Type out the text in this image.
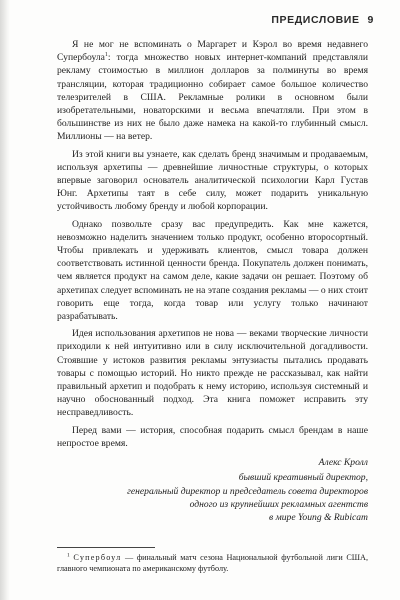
ПРЕДИСЛОВИЕ 9

Я не мог не вспоминать о Маргарет и Кэрол во время недавнего Супербоула$^1$: тогда множество новых интернет-компаний представляли рекламу стоимостью в миллион долларов за полминуты во время трансляции, которая традиционно собирает самое большое количество телезрителей в США. Рекламные ролики в основном были изобретательными, новаторскими и весьма впечатляли. При этом в большинстве из них не было даже намека на какой-то глубинный смысл. Миллионы — на ветер.

Из этой книги вы узнаете, как сделать бренд значимым и продаваемым, используя архетипы — древнейшие личностные структуры, о которых впервые заговорил основатель аналитической психологии Карл Густав Юнг. Архетипы таят в себе силу, может подарить уникальную устойчивость любому бренду и любой корпорации.

Однако позвольте сразу вас предупредить. Как мне кажется, невозможно наделить значением только продукт, особенно второсортный. Чтобы привлекать и удерживать клиентов, смысл товара должен соответствовать истинной ценности бренда. Покупатель должен понимать, чем является продукт на самом деле, какие задачи он решает. Поэтому об архетипах следует вспоминать не на этапе создания рекламы — о них стоит говорить еще тогда, когда товар или услугу только начинают разрабатывать.

Идея использования архетипов не нова — веками творческие личности приходили к ней интуитивно или в силу исключительной догадливости. Стоявшие у истоков развития рекламы энтузиасты пытались продавать товары с помощью историй. Но никто прежде не рассказывал, как найти правильный архетип и подобрать к нему историю, используя системный и научно обоснованный подход. Эта книга поможет исправить эту несправедливость.

Перед вами — история, способная подарить смысл брендам в наше непростое время.

Алекс Кролл
бывший креативный директор,
генеральный директор и председатель совета директоров
одного из крупнейших рекламных агентств
в мире Young & Rubicam
$^1$ Супербоул — финальный матч сезона Национальной футбольной лиги США, главного чемпионата по американскому футболу.
